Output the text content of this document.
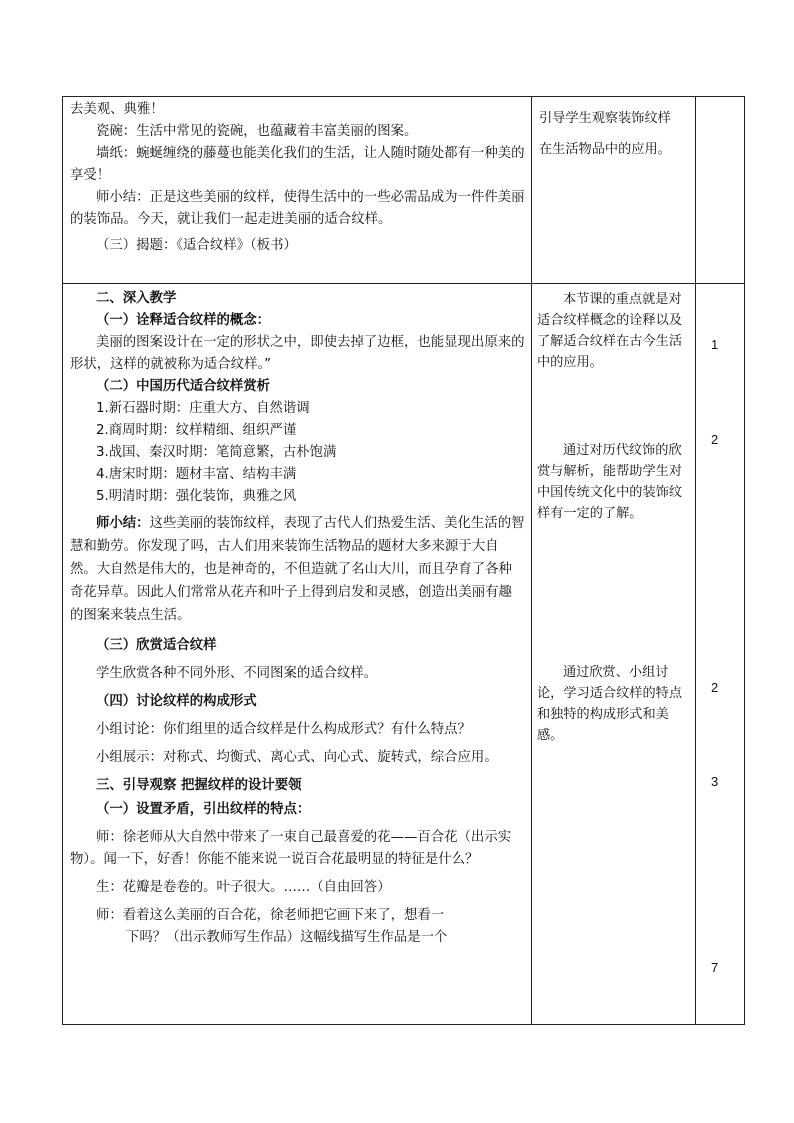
去美观、典雅！

瓷碗：生活中常见的瓷碗，也蕴藏着丰富美丽的图案。

墙纸：蜿蜒缠绕的藤蔓也能美化我们的生活，让人随时随处都有一种美的享受！

师小结：正是这些美丽的纹样，使得生活中的一些必需品成为一件件美丽的装饰品。今天，就让我们一起走进美丽的适合纹样。

（三）揭题：《适合纹样》（板书）

引导学生观察装饰纹样在生活物品中的应用。

二、深入教学

（一）诠释适合纹样的概念：

美丽的图案设计在一定的形状之中，即使去掉了边框，也能显现出原来的形状，这样的就被称为适合纹样。”

（二）中国历代适合纹样赏析

1.新石器时期：庄重大方、自然谐调

2.商周时期：纹样精细、组织严谨

3.战国、秦汉时期：笔简意繁，古朴饱满

4.唐宋时期：题材丰富、结构丰满

5.明清时期：强化装饰，典雅之风

师小结：这些美丽的装饰纹样，表现了古代人们热爱生活、美化生活的智慧和勤劳。你发现了吗，古人们用来装饰生活物品的题材大多来源于大自然。大自然是伟大的，也是神奇的，不但造就了名山大川，而且孕育了各种奇花异草。因此人们常常从花卉和叶子上得到启发和灵感，创造出美丽有趣的图案来装点生活。

（三）欣赏适合纹样

学生欣赏各种不同外形、不同图案的适合纹样。

（四）讨论纹样的构成形式

小组讨论：你们组里的适合纹样是什么构成形式？有什么特点？

小组展示：对称式、均衡式、离心式、向心式、旋转式，综合应用。

三、引导观察 把握纹样的设计要领

（一）设置矛盾，引出纹样的特点：

师：徐老师从大自然中带来了一束自己最喜爱的花——百合花（出示实物）。闻一下，好香！你能不能来说一说百合花最明显的特征是什么？

生：花瓣是卷卷的。叶子很大。……（自由回答）

师：看着这么美丽的百合花，徐老师把它画下来了，想看一

下吗？（出示教师写生作品）这幅线描写生作品是一个

本节课的重点就是对适合纹样概念的诠释以及了解适合纹样在古今生活中的应用。
通过对历代纹饰的欣赏与解析，能帮助学生对中国传统文化中的装饰纹样有一定的了解。
通过欣赏、小组讨论，学习适合纹样的特点和独特的构成形式和美感。
1
2
2
3
7
